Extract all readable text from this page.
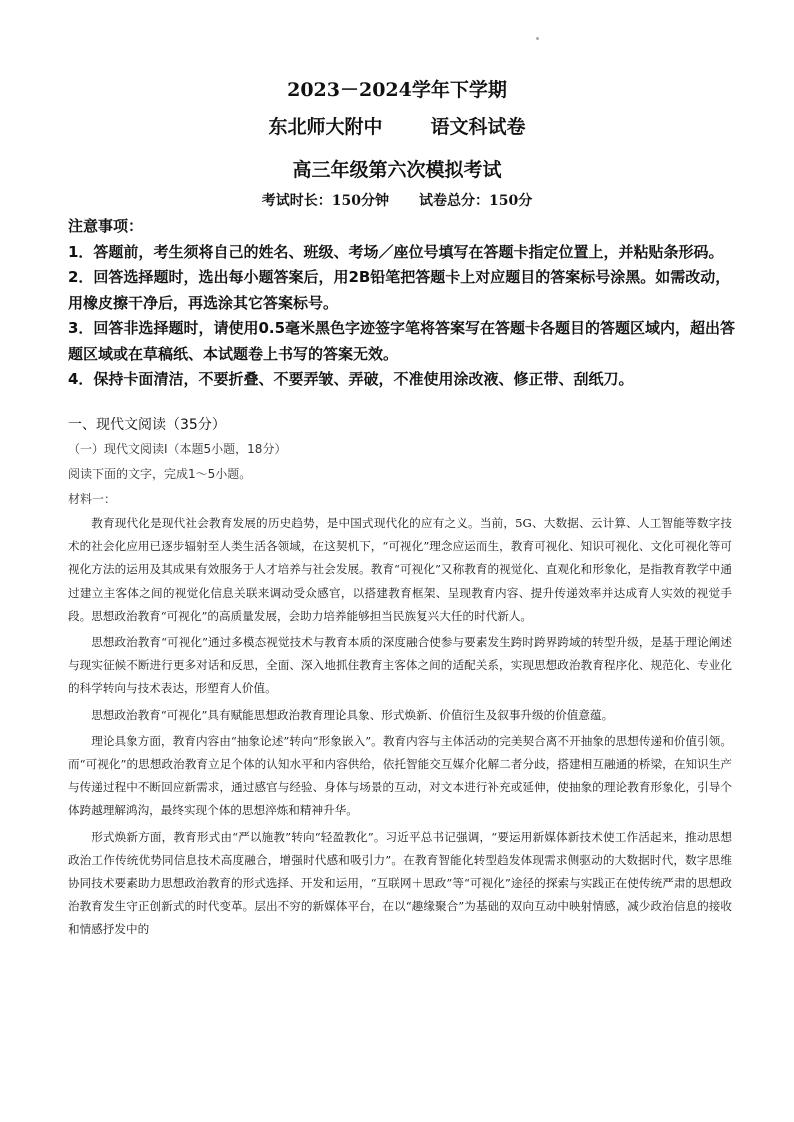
2023－2024学年下学期
东北师大附中	语文科试卷
高三年级第六次模拟考试
考试时长：150分钟 试卷总分：150分

注意事项：

1．答题前，考生须将自己的姓名、班级、考场／座位号填写在答题卡指定位置上，并粘贴条形码。

2．回答选择题时，选出每小题答案后，用2B铅笔把答题卡上对应题目的答案标号涂黑。如需改动，用橡皮擦干净后，再选涂其它答案标号。

3．回答非选择题时，请使用0.5毫米黑色字迹签字笔将答案写在答题卡各题目的答题区域内，超出答题区域或在草稿纸、本试题卷上书写的答案无效。

4．保持卡面清洁，不要折叠、不要弄皱、弄破，不准使用涂改液、修正带、刮纸刀。

一、现代文阅读（35分）
（一）现代文阅读Ⅰ（本题5小题，18分）
阅读下面的文字，完成1～5小题。
材料一：

教育现代化是现代社会教育发展的历史趋势，是中国式现代化的应有之义。当前，5G、大数据、云计算、人工智能等数字技术的社会化应用已逐步辐射至人类生活各领域，在这契机下，“可视化”理念应运而生，教育可视化、知识可视化、文化可视化等可视化方法的运用及其成果有效服务于人才培养与社会发展。教育“可视化”又称教育的视觉化、直观化和形象化，是指教育教学中通过建立主客体之间的视觉化信息关联来调动受众感官，以搭建教育框架、呈现教育内容、提升传递效率并达成育人实效的视觉手段。思想政治教育“可视化”的高质量发展，会助力培养能够担当民族复兴大任的时代新人。

思想政治教育“可视化”通过多模态视觉技术与教育本质的深度融合使参与要素发生跨时跨界跨域的转型升级，是基于理论阐述与现实征候不断进行更多对话和反思，全面、深入地抓住教育主客体之间的适配关系，实现思想政治教育程序化、规范化、专业化的科学转向与技术表达，形塑育人价值。

思想政治教育“可视化”具有赋能思想政治教育理论具象、形式焕新、价值衍生及叙事升级的价值意蕴。

理论具象方面，教育内容由“抽象论述”转向“形象嵌入”。教育内容与主体活动的完美契合离不开抽象的思想传递和价值引领。而“可视化”的思想政治教育立足个体的认知水平和内容供给，依托智能交互媒介化解二者分歧，搭建相互融通的桥梁，在知识生产与传递过程中不断回应新需求，通过感官与经验、身体与场景的互动，对文本进行补充或延伸，使抽象的理论教育形象化，引导个体跨越理解鸿沟，最终实现个体的思想淬炼和精神升华。

形式焕新方面，教育形式由“严以施教”转向“轻盈教化”。习近平总书记强调，“要运用新媒体新技术使工作活起来，推动思想政治工作传统优势同信息技术高度融合，增强时代感和吸引力”。在教育智能化转型趋发体现需求侧驱动的大数据时代，数字思维协同技术要素助力思想政治教育的形式选择、开发和运用，“互联网＋思政”等“可视化”途径的探索与实践正在使传统严肃的思想政治教育发生守正创新式的时代变革。层出不穷的新媒体平台，在以“趣缘聚合”为基础的双向互动中映射情感，减少政治信息的接收和情感抒发中的
